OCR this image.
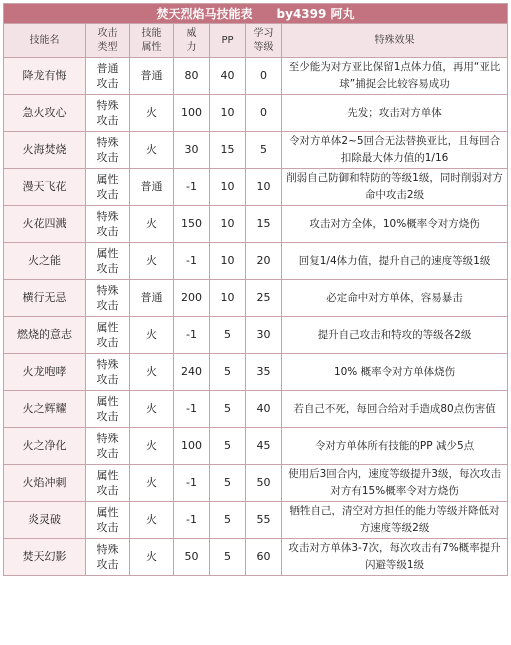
焚天烈焰马技能表 by4399 阿丸						
技能名	攻击类型	技能属性	威力	PP	学习等级	特殊效果
降龙有悔	普通攻击	普通	80	40	0	至少能为对方亚比保留1点体力值，再用“亚比球”捕捉会比较容易成功
急火攻心	特殊攻击	火	100	10	0	先发；攻击对方单体
火海焚烧	特殊攻击	火	30	15	5	令对方单体2~5回合无法替换亚比，且每回合扣除最大体力值的1/16
漫天飞花	属性攻击	普通	-1	10	10	削弱自己防御和特防的等级1级，同时削弱对方命中攻击2级
火花四溅	特殊攻击	火	150	10	15	攻击对方全体，10%概率令对方烧伤
火之能	属性攻击	火	-1	10	20	回复1/4体力值，提升自己的速度等级1级
横行无忌	特殊攻击	普通	200	10	25	必定命中对方单体，容易暴击
燃烧的意志	属性攻击	火	-1	5	30	提升自己攻击和特攻的等级各2级
火龙咆哮	特殊攻击	火	240	5	35	10% 概率令对方单体烧伤
火之辉耀	属性攻击	火	-1	5	40	若自己不死，每回合给对手造成80点伤害值
火之净化	特殊攻击	火	100	5	45	令对方单体所有技能的PP 减少5点
火焰冲刺	属性攻击	火	-1	5	50	使用后3回合内，速度等级提升3级，每次攻击对方有15%概率令对方烧伤
炎灵破	属性攻击	火	-1	5	55	牺牲自己，清空对方担任的能力等级并降低对方速度等级2级
焚天幻影	特殊攻击	火	50	5	60	攻击对方单体3-7次，每次攻击有7%概率提升闪避等级1级
